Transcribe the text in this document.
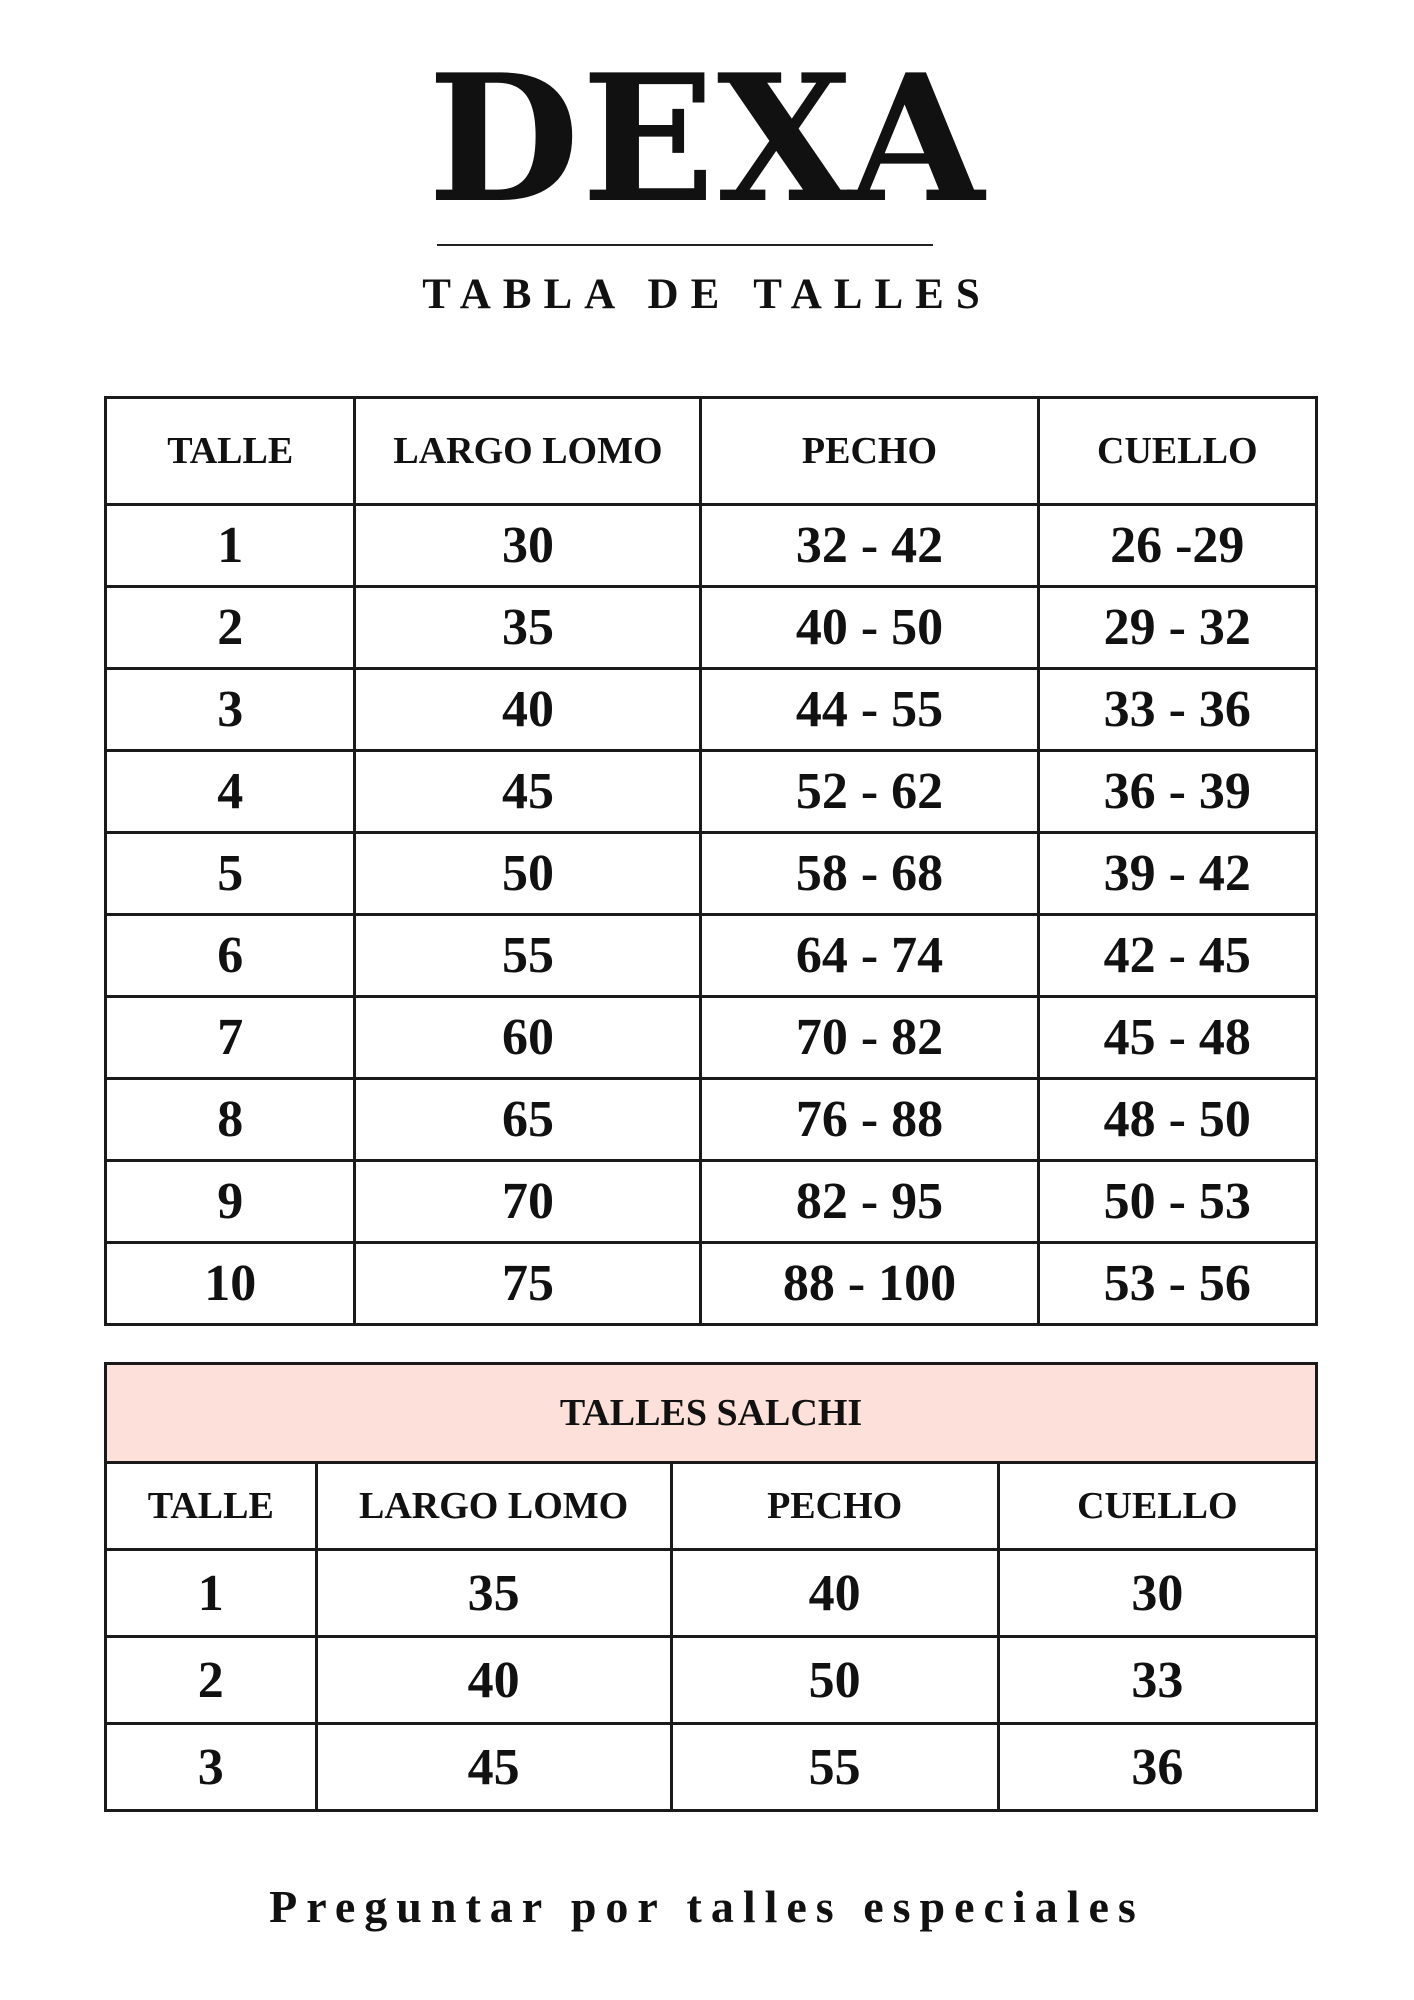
DEXA
TABLA DE TALLES
TALLE	LARGO LOMO	PECHO	CUELLO
1	30	32 - 42	26 -29
2	35	40 - 50	29 - 32
3	40	44 - 55	33 - 36
4	45	52 - 62	36 - 39
5	50	58 - 68	39 - 42
6	55	64 - 74	42 - 45
7	60	70 - 82	45 - 48
8	65	76 - 88	48 - 50
9	70	82 - 95	50 - 53
10	75	88 - 100	53 - 56
TALLES SALCHI			
TALLE	LARGO LOMO	PECHO	CUELLO
1	35	40	30
2	40	50	33
3	45	55	36
Preguntar por talles especiales
